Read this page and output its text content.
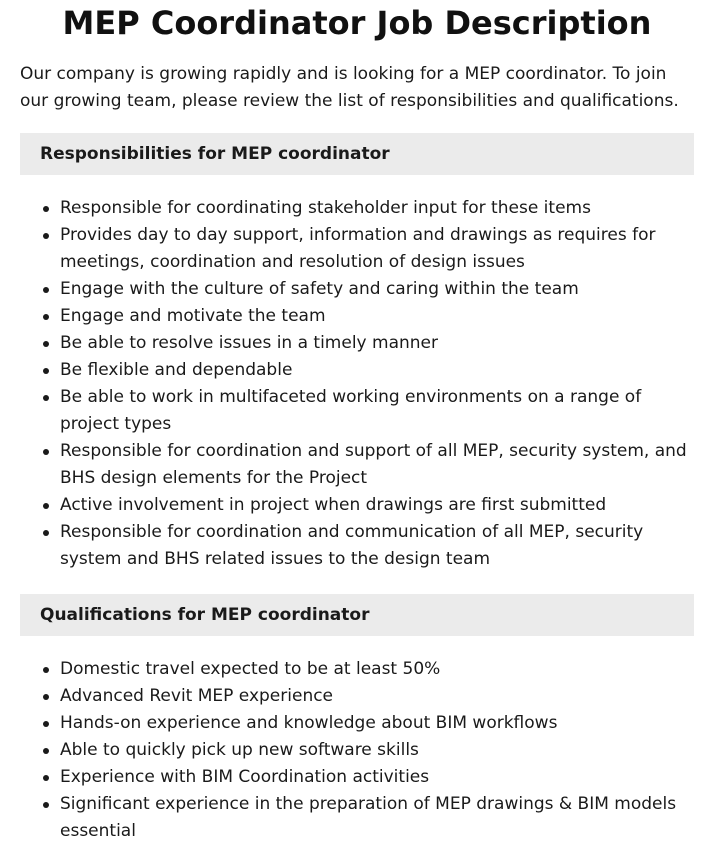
MEP Coordinator Job Description

Our company is growing rapidly and is looking for a MEP coordinator. To join our growing team, please review the list of responsibilities and qualifications.

Responsibilities for MEP coordinator
Responsible for coordinating stakeholder input for these items
Provides day to day support, information and drawings as requires for meetings, coordination and resolution of design issues
Engage with the culture of safety and caring within the team
Engage and motivate the team
Be able to resolve issues in a timely manner
Be flexible and dependable
Be able to work in multifaceted working environments on a range of project types
Responsible for coordination and support of all MEP, security system, and BHS design elements for the Project
Active involvement in project when drawings are first submitted
Responsible for coordination and communication of all MEP, security system and BHS related issues to the design team
Qualifications for MEP coordinator
Domestic travel expected to be at least 50%
Advanced Revit MEP experience
Hands-on experience and knowledge about BIM workflows
Able to quickly pick up new software skills
Experience with BIM Coordination activities
Significant experience in the preparation of MEP drawings & BIM models essential
